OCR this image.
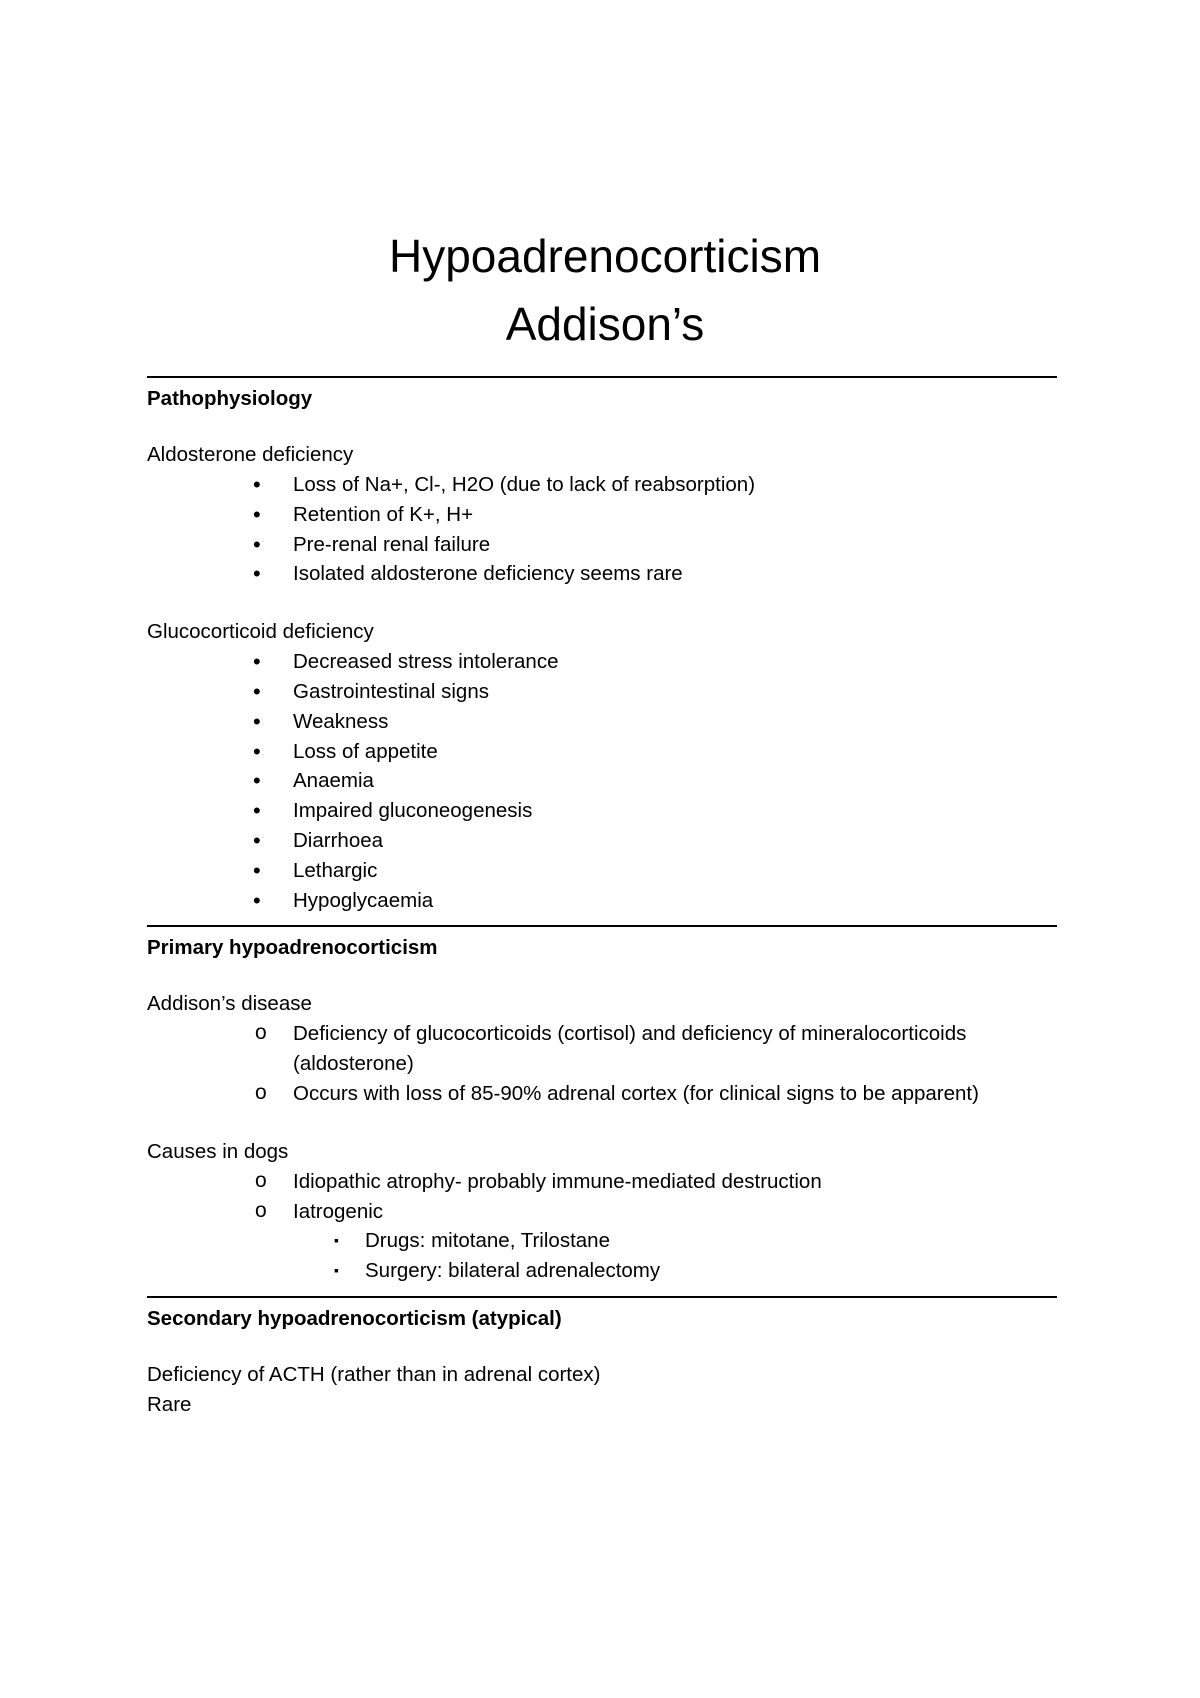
Hypoadrenocorticism
Addison’s
Pathophysiology
Aldosterone deficiency
•	Loss of Na+, Cl-, H2O (due to lack of reabsorption)
•	Retention of K+, H+
•	Pre-renal renal failure
•	Isolated aldosterone deficiency seems rare
Glucocorticoid deficiency
•	Decreased stress intolerance
•	Gastrointestinal signs
•	Weakness
•	Loss of appetite
•	Anaemia
•	Impaired gluconeogenesis
•	Diarrhoea
•	Lethargic
•	Hypoglycaemia
Primary hypoadrenocorticism
Addison’s disease
o Deficiency of glucocorticoids (cortisol) and deficiency of mineralocorticoids (aldosterone)
o Occurs with loss of 85-90% adrenal cortex (for clinical signs to be apparent)
Causes in dogs
o Idiopathic atrophy- probably immune-mediated destruction
o Iatrogenic
▪ Drugs: mitotane, Trilostane
▪ Surgery: bilateral adrenalectomy
Secondary hypoadrenocorticism (atypical)
Deficiency of ACTH (rather than in adrenal cortex)
Rare
